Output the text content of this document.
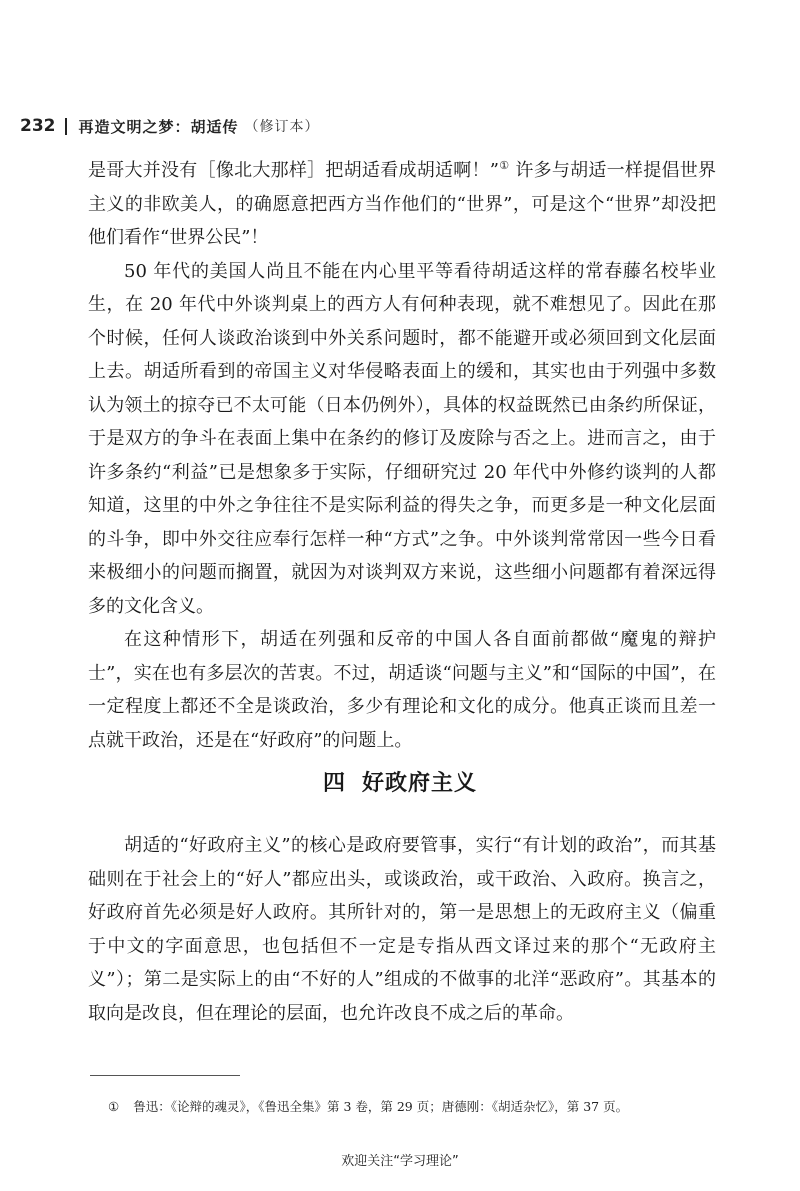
232 再造文明之梦：胡适传 （修订本）

是哥大并没有［像北大那样］把胡适看成胡适啊！”① 许多与胡适一样提倡世界主义的非欧美人，的确愿意把西方当作他们的“世界”，可是这个“世界”却没把他们看作“世界公民”！

50 年代的美国人尚且不能在内心里平等看待胡适这样的常春藤名校毕业生，在 20 年代中外谈判桌上的西方人有何种表现，就不难想见了。因此在那个时候，任何人谈政治谈到中外关系问题时，都不能避开或必须回到文化层面上去。胡适所看到的帝国主义对华侵略表面上的缓和，其实也由于列强中多数认为领土的掠夺已不太可能（日本仍例外），具体的权益既然已由条约所保证，于是双方的争斗在表面上集中在条约的修订及废除与否之上。进而言之，由于许多条约“利益”已是想象多于实际，仔细研究过 20 年代中外修约谈判的人都知道，这里的中外之争往往不是实际利益的得失之争，而更多是一种文化层面的斗争，即中外交往应奉行怎样一种“方式”之争。中外谈判常常因一些今日看来极细小的问题而搁置，就因为对谈判双方来说，这些细小问题都有着深远得多的文化含义。

在这种情形下，胡适在列强和反帝的中国人各自面前都做“魔鬼的辩护士”，实在也有多层次的苦衷。不过，胡适谈“问题与主义”和“国际的中国”，在一定程度上都还不全是谈政治，多少有理论和文化的成分。他真正谈而且差一点就干政治，还是在“好政府”的问题上。

四 好政府主义

胡适的“好政府主义”的核心是政府要管事，实行“有计划的政治”，而其基础则在于社会上的“好人”都应出头，或谈政治，或干政治、入政府。换言之，好政府首先必须是好人政府。其所针对的，第一是思想上的无政府主义（偏重于中文的字面意思，也包括但不一定是专指从西文译过来的那个“无政府主义”）；第二是实际上的由“不好的人”组成的不做事的北洋“恶政府”。其基本的取向是改良，但在理论的层面，也允许改良不成之后的革命。

① 鲁迅：《论辩的魂灵》，《鲁迅全集》第 3 卷，第 29 页；唐德刚：《胡适杂忆》，第 37 页。
欢迎关注“学习理论”
